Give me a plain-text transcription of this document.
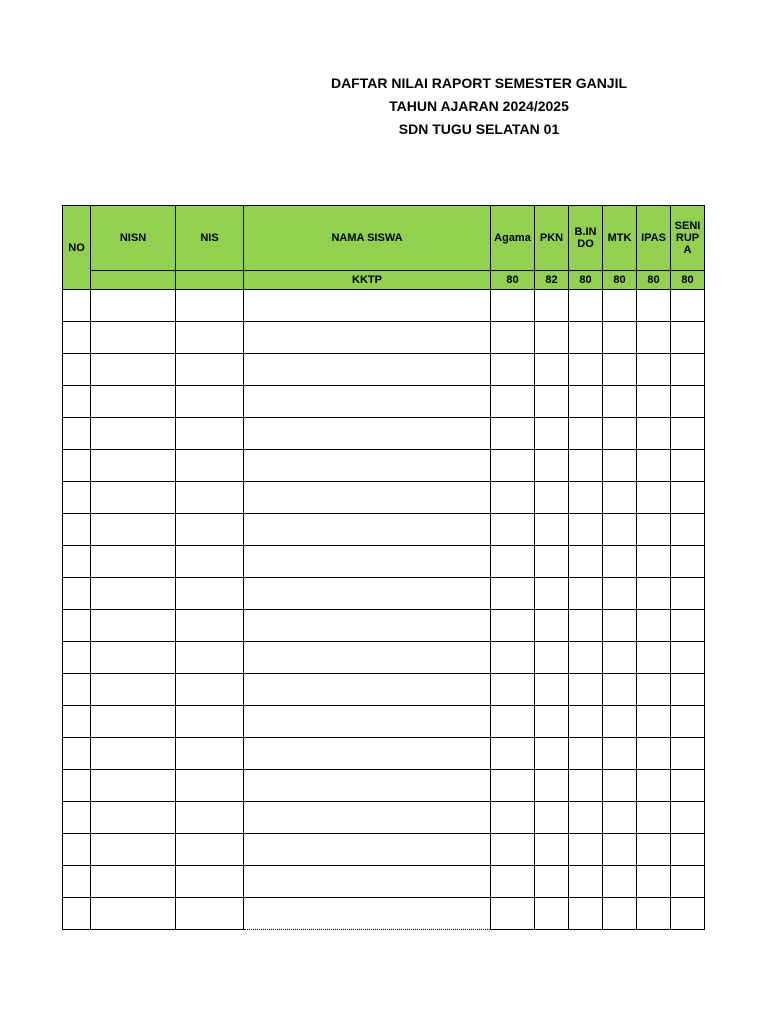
DAFTAR NILAI RAPORT SEMESTER GANJIL
TAHUN AJARAN 2024/2025
SDN TUGU SELATAN 01
NO	NISN	NIS	NAMA SISWA	Agama	PKN	B.IN DO	MTK	IPAS	SENI RUP A
			KKTP	80	82	80	80	80	80
